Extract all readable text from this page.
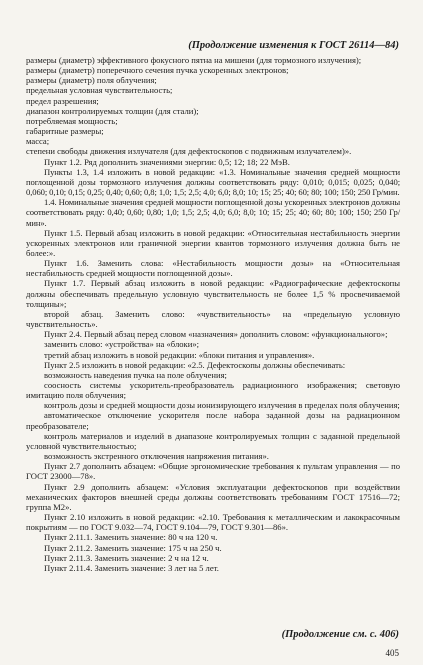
(Продолжение изменения к ГОСТ 26114—84)

размеры (диаметр) эффективного фокусного пятна на мишени (для тормозного излучения);

размеры (диаметр) поперечного сечения пучка ускоренных электронов;

размеры (диаметр) поля облучения;

предельная условная чувствительность;

предел разрешения;

диапазон контролируемых толщин (для стали);

потребляемая мощность;

габаритные размеры;

масса;

степени свободы движения излучателя (для дефектоскопов с подвижным излучателем)».

Пункт 1.2. Ряд дополнить значениями энергии: 0,5; 12; 18; 22 МэВ.

Пункты 1.3, 1.4 изложить в новой редакции: «1.3. Номинальные значения средней мощности поглощенной дозы тормозного излучения должны соответствовать ряду: 0,010; 0,015; 0,025; 0,040; 0,060; 0,10; 0,15; 0,25; 0,40; 0,60; 0,8; 1,0; 1,5; 2,5; 4,0; 6,0; 8,0; 10; 15; 25; 40; 60; 80; 100; 150; 250 Гр/мин.

1.4. Номинальные значения средней мощности поглощенной дозы ускоренных электронов должны соответствовать ряду: 0,40; 0,60; 0,80; 1,0; 1,5; 2,5; 4,0; 6,0; 8,0; 10; 15; 25; 40; 60; 80; 100; 150; 250 Гр/мин».

Пункт 1.5. Первый абзац изложить в новой редакции: «Относительная нестабильность энергии ускоренных электронов или граничной энергии квантов тормозного излучения должна быть не более:».

Пункт 1.6. Заменить слова: «Нестабильность мощности дозы» на «Относительная нестабильность средней мощности поглощенной дозы».

Пункт 1.7. Первый абзац изложить в новой редакции: «Радиографические дефектоскопы должны обеспечивать предельную условную чувствительность не более 1,5 % просвечиваемой толщины»;

второй абзац. Заменить слово: «чувствительность» на «предельную условную чувствительность».

Пункт 2.4. Первый абзац перед словом «назначения» дополнить словом: «функционального»;

заменить слово: «устройства» на «блоки»;

третий абзац изложить в новой редакции: «блоки питания и управления».

Пункт 2.5 изложить в новой редакции: «2.5. Дефектоскопы должны обеспечивать:

возможность наведения пучка на поле облучения;

соосность системы ускоритель-преобразователь радиационного изображения; световую имитацию поля облучения;

контроль дозы и средней мощности дозы ионизирующего излучения в пределах поля облучения;

автоматическое отключение ускорителя после набора заданной дозы на радиационном преобразователе;

контроль материалов и изделий в диапазоне контролируемых толщин с заданной предельной условной чувствительностью;

возможность экстренного отключения напряжения питания».

Пункт 2.7 дополнить абзацем: «Общие эргономические требования к пультам управления — по ГОСТ 23000—78».

Пункт 2.9 дополнить абзацем: «Условия эксплуатации дефектоскопов при воздействии механических факторов внешней среды должны соответствовать требованиям ГОСТ 17516—72; группа М2».

Пункт 2.10 изложить в новой редакции: «2.10. Требования к металлическим и лакокрасочным покрытиям — по ГОСТ 9.032—74, ГОСТ 9.104—79, ГОСТ 9.301—86».

Пункт 2.11.1. Заменить значение: 80 ч на 120 ч.

Пункт 2.11.2. Заменить значение: 175 ч на 250 ч.

Пункт 2.11.3. Заменить значение: 2 ч на 12 ч.

Пункт 2.11.4. Заменить значение: 3 лет на 5 лет.

(Продолжение см. с. 406)
405
